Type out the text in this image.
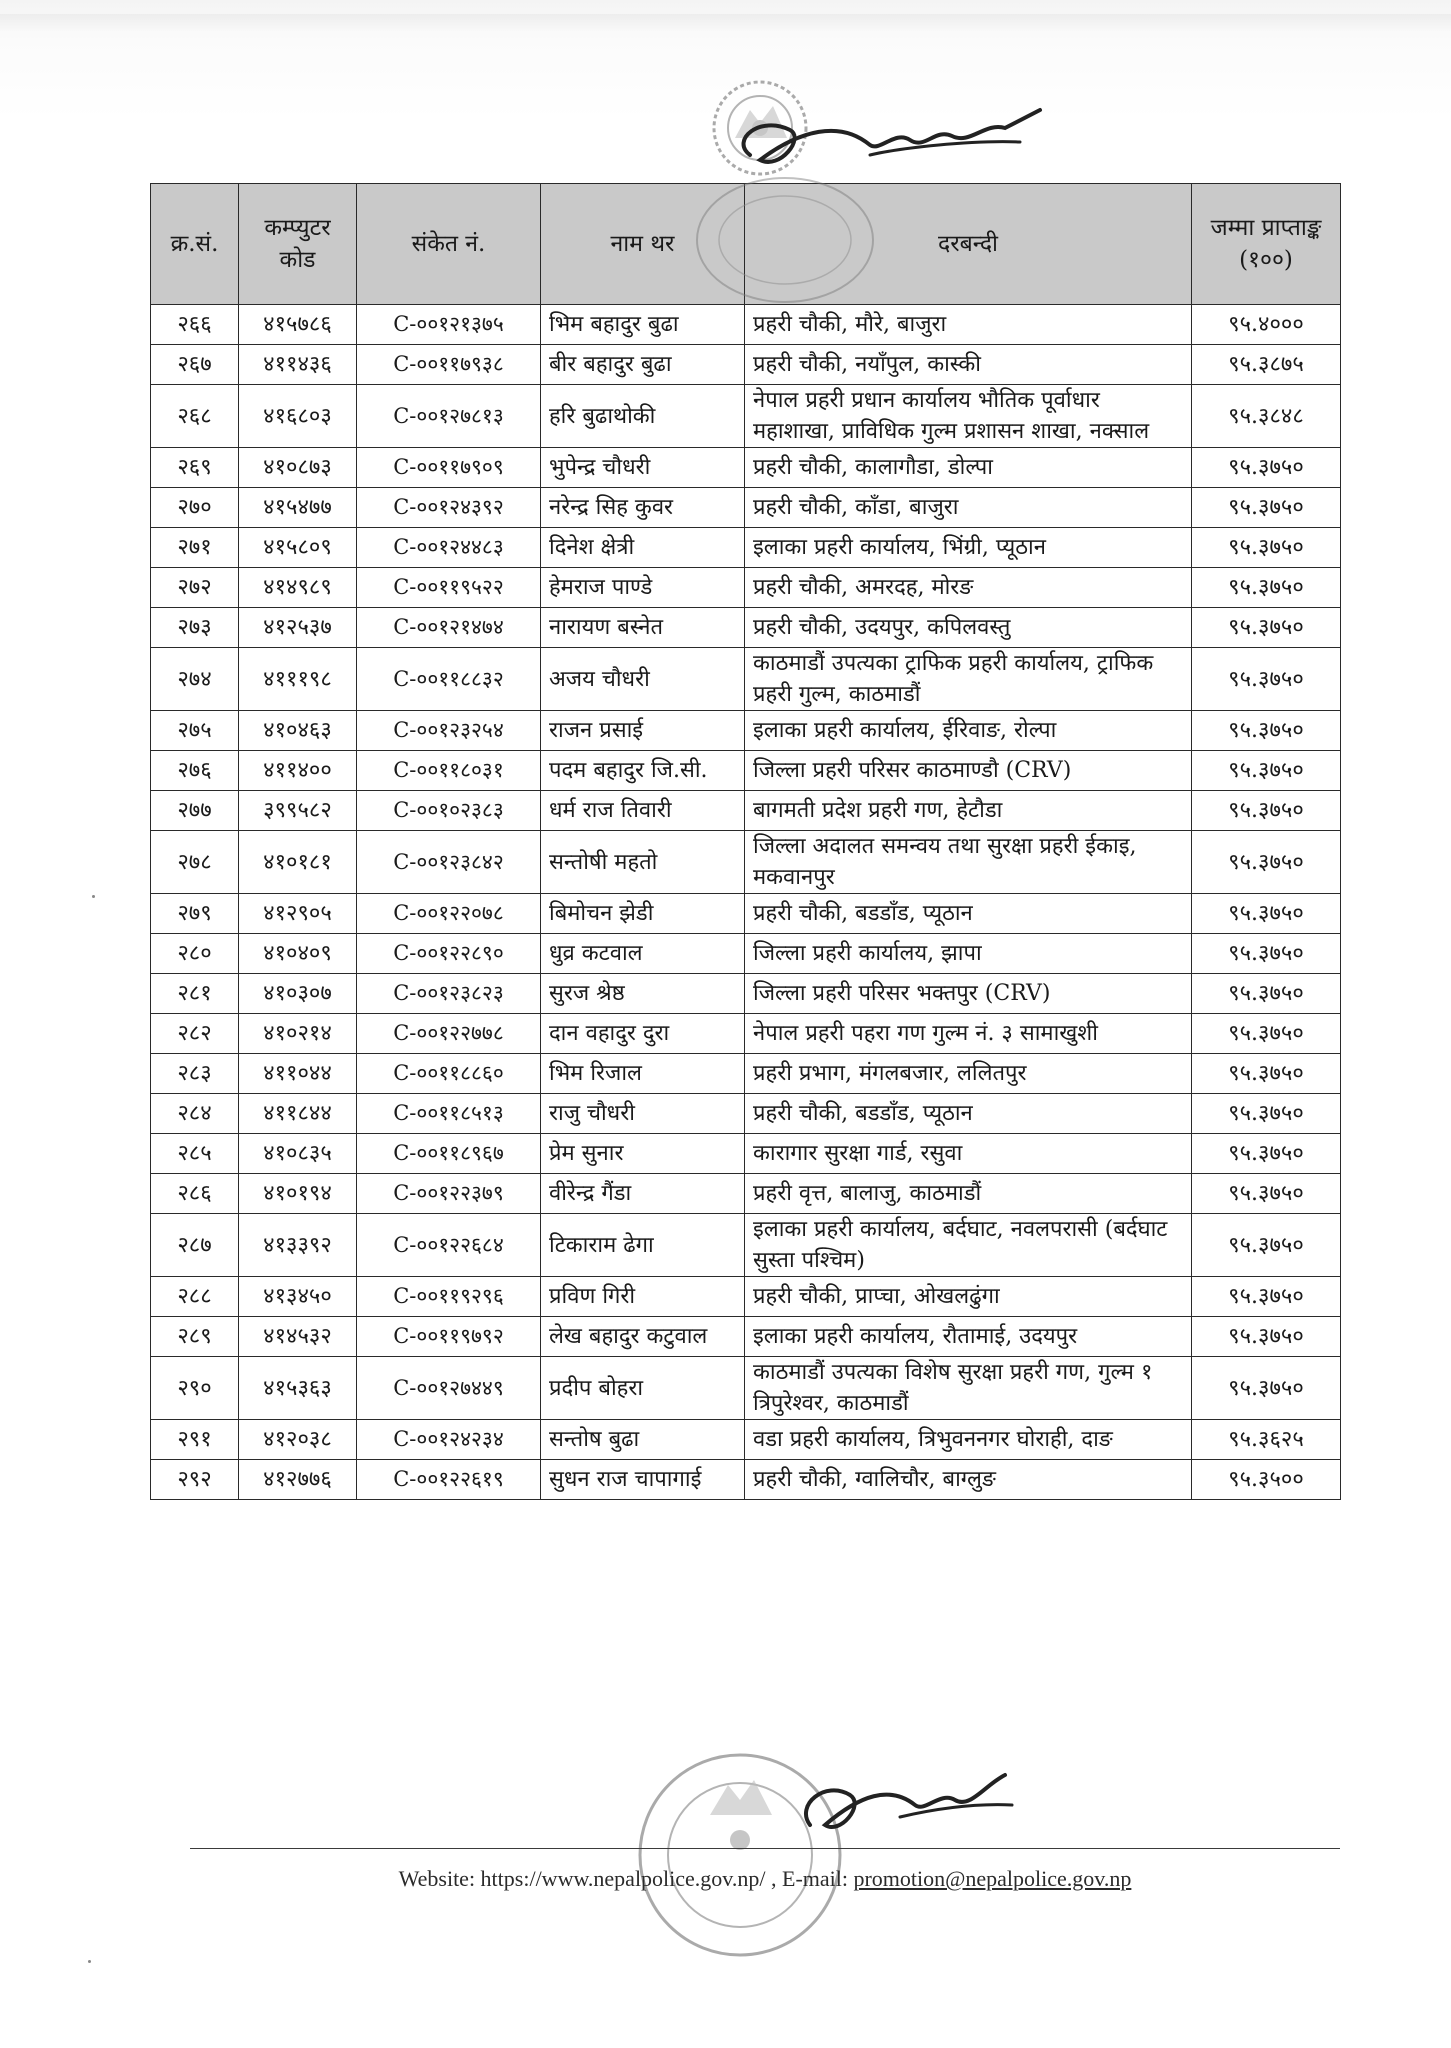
क्र.सं.	कम्प्युटर कोड	संकेत नं.	नाम थर	दरबन्दी	जम्मा प्राप्ताङ्क (१००)
२६६	४१५७८६	C-००१२१३७५	भिम बहादुर बुढा	प्रहरी चौकी, मौरे, बाजुरा	९५.४०००
२६७	४११४३६	C-००११७९३८	बीर बहादुर बुढा	प्रहरी चौकी, नयाँपुल, कास्की	९५.३८७५
२६८	४१६८०३	C-००१२७८१३	हरि बुढाथोकी	नेपाल प्रहरी प्रधान कार्यालय भौतिक पूर्वाधार महाशाखा, प्राविधिक गुल्म प्रशासन शाखा, नक्साल	९५.३८४८
२६९	४१०८७३	C-००११७९०९	भुपेन्द्र चौधरी	प्रहरी चौकी, कालागौडा, डोल्पा	९५.३७५०
२७०	४१५४७७	C-००१२४३९२	नरेन्द्र सिह कुवर	प्रहरी चौकी, काँडा, बाजुरा	९५.३७५०
२७१	४१५८०९	C-००१२४४८३	दिनेश क्षेत्री	इलाका प्रहरी कार्यालय, भिंग्री, प्यूठान	९५.३७५०
२७२	४१४९८९	C-००११९५२२	हेमराज पाण्डे	प्रहरी चौकी, अमरदह, मोरङ	९५.३७५०
२७३	४१२५३७	C-००१२१४७४	नारायण बस्नेत	प्रहरी चौकी, उदयपुर, कपिलवस्तु	९५.३७५०
२७४	४१११९८	C-००११८८३२	अजय चौधरी	काठमाडौं उपत्यका ट्राफिक प्रहरी कार्यालय, ट्राफिक प्रहरी गुल्म, काठमाडौं	९५.३७५०
२७५	४१०४६३	C-००१२३२५४	राजन प्रसाई	इलाका प्रहरी कार्यालय, ईरिवाङ, रोल्पा	९५.३७५०
२७६	४११४००	C-००११८०३१	पदम बहादुर जि.सी.	जिल्ला प्रहरी परिसर काठमाण्डौ (CRV)	९५.३७५०
२७७	३९९५८२	C-००१०२३८३	धर्म राज तिवारी	बागमती प्रदेश प्रहरी गण, हेटौडा	९५.३७५०
२७८	४१०१८१	C-००१२३८४२	सन्तोषी महतो	जिल्ला अदालत समन्वय तथा सुरक्षा प्रहरी ईकाइ, मकवानपुर	९५.३७५०
२७९	४१२९०५	C-००१२२०७८	बिमोचन झेडी	प्रहरी चौकी, बडडाँड, प्यूठान	९५.३७५०
२८०	४१०४०९	C-००१२२८९०	धुव्र कटवाल	जिल्ला प्रहरी कार्यालय, झापा	९५.३७५०
२८१	४१०३०७	C-००१२३८२३	सुरज श्रेष्ठ	जिल्ला प्रहरी परिसर भक्तपुर (CRV)	९५.३७५०
२८२	४१०२१४	C-००१२२७७८	दान वहादुर दुरा	नेपाल प्रहरी पहरा गण गुल्म नं. ३ सामाखुशी	९५.३७५०
२८३	४११०४४	C-००११८८६०	भिम रिजाल	प्रहरी प्रभाग, मंगलबजार, ललितपुर	९५.३७५०
२८४	४११८४४	C-००११८५१३	राजु चौधरी	प्रहरी चौकी, बडडाँड, प्यूठान	९५.३७५०
२८५	४१०८३५	C-००११८९६७	प्रेम सुनार	कारागार सुरक्षा गार्ड, रसुवा	९५.३७५०
२८६	४१०१९४	C-००१२२३७९	वीरेन्द्र गैंडा	प्रहरी वृत्त, बालाजु, काठमाडौं	९५.३७५०
२८७	४१३३९२	C-००१२२६८४	टिकाराम ढेगा	इलाका प्रहरी कार्यालय, बर्दघाट, नवलपरासी (बर्दघाट सुस्ता पश्चिम)	९५.३७५०
२८८	४१३४५०	C-००११९२९६	प्रविण गिरी	प्रहरी चौकी, प्राप्चा, ओखलढुंगा	९५.३७५०
२८९	४१४५३२	C-००११९७९२	लेख बहादुर कटुवाल	इलाका प्रहरी कार्यालय, रौतामाई, उदयपुर	९५.३७५०
२९०	४१५३६३	C-००१२७४४९	प्रदीप बोहरा	काठमाडौं उपत्यका विशेष सुरक्षा प्रहरी गण, गुल्म १ त्रिपुरेश्वर, काठमाडौं	९५.३७५०
२९१	४१२०३८	C-००१२४२३४	सन्तोष बुढा	वडा प्रहरी कार्यालय, त्रिभुवननगर घोराही, दाङ	९५.३६२५
२९२	४१२७७६	C-००१२२६१९	सुधन राज चापागाई	प्रहरी चौकी, ग्वालिचौर, बाग्लुङ	९५.३५००
Website: https://www.nepalpolice.gov.np/ , E-mail: promotion@nepalpolice.gov.np
